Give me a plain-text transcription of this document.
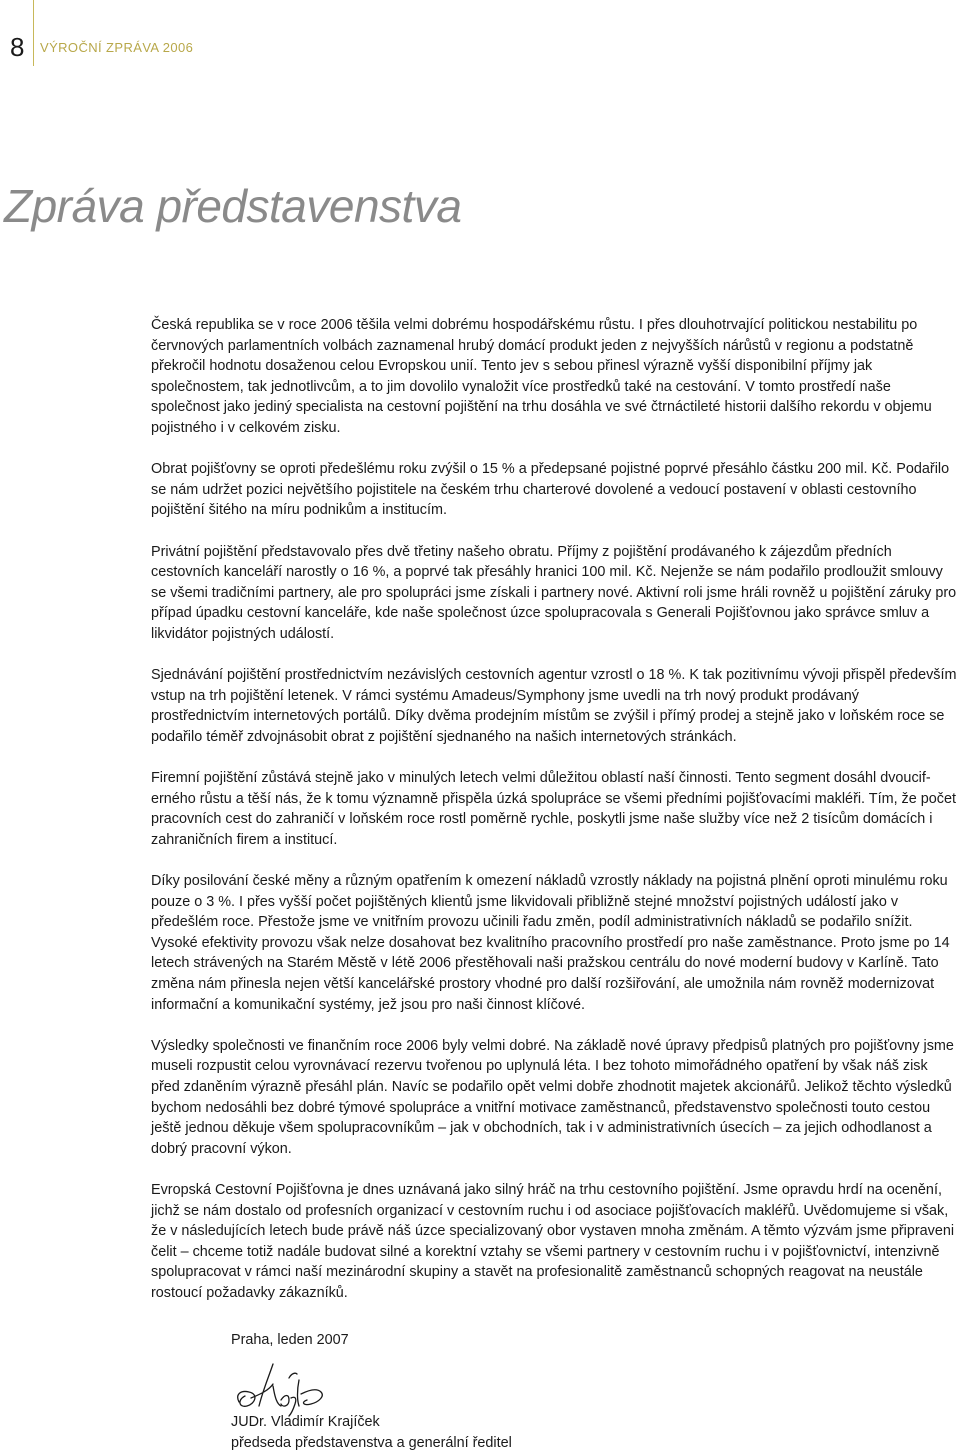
8 VÝROČNÍ ZPRÁVA 2006
Zpráva představenstva

Česká republika se v roce 2006 těšila velmi dobrému hospodářskému růstu. I přes dlouhotrvající politickou nestabilitu po červnových parlamentních volbách zaznamenal hrubý domácí produkt jeden z nejvyšších nárůstů v regionu a podstatně překročil hodnotu dosaženou celou Evropskou unií. Tento jev s sebou přinesl výrazně vyšší disponibilní příjmy jak společnostem, tak jednotlivcům, a to jim dovolilo vynaložit více prostředků také na cestování. V tomto prostředí naše společnost jako jediný specialista na cestovní pojištění na trhu dosáhla ve své čtrnáctileté historii dalšího rekordu v objemu pojistného i v celkovém zisku.

Obrat pojišťovny se oproti předešlému roku zvýšil o 15 % a předepsané pojistné poprvé přesáhlo částku 200 mil. Kč. Podařilo se nám udržet pozici největšího pojistitele na českém trhu charterové dovolené a vedoucí postavení v oblasti cestovního pojištění šitého na míru podnikům a institucím.

Privátní pojištění představovalo přes dvě třetiny našeho obratu. Příjmy z pojištění prodávaného k zájezdům předních cestovních kanceláří narostly o 16 %, a poprvé tak přesáhly hranici 100 mil. Kč. Nejenže se nám podařilo prodloužit smlouvy se všemi tradičními partnery, ale pro spolupráci jsme získali i partnery nové. Aktivní roli jsme hráli rovněž u pojištění záruky pro případ úpadku cestovní kanceláře, kde naše společnost úzce spolupracovala s Generali Pojišťovnou jako správce smluv a likvidátor pojistných událostí.

Sjednávání pojištění prostřednictvím nezávislých cestovních agentur vzrostl o 18 %. K tak pozitivnímu vývoji přispěl především vstup na trh pojištění letenek. V rámci systému Amadeus/Symphony jsme uvedli na trh nový produkt prodávaný prostřednictvím internetových portálů. Díky dvěma prodejním místům se zvýšil i přímý prodej a stejně jako v loňském roce se podařilo téměř zdvojnásobit obrat z pojištění sjednaného na našich internetových stránkách.

Firemní pojištění zůstává stejně jako v minulých letech velmi důležitou oblastí naší činnosti. Tento segment dosáhl dvouciferného růstu a těší nás, že k tomu významně přispěla úzká spolupráce se všemi předními pojišťovacími makléři. Tím, že počet pracovních cest do zahraničí v loňském roce rostl poměrně rychle, poskytli jsme naše služby více než 2 tisícům domácích i zahraničních firem a institucí.

Díky posilování české měny a různým opatřením k omezení nákladů vzrostly náklady na pojistná plnění oproti minulému roku pouze o 3 %. I přes vyšší počet pojištěných klientů jsme likvidovali přibližně stejné množství pojistných událostí jako v předešlém roce. Přestože jsme ve vnitřním provozu učinili řadu změn, podíl administrativních nákladů se podařilo snížit. Vysoké efektivity provozu však nelze dosahovat bez kvalitního pracovního prostředí pro naše zaměstnance. Proto jsme po 14 letech strávených na Starém Městě v létě 2006 přestěhovali naši pražskou centrálu do nové moderní budovy v Karlíně. Tato změna nám přinesla nejen větší kancelářské prostory vhodné pro další rozšiřování, ale umožnila nám rovněž modernizovat informační a komunikační systémy, jež jsou pro naši činnost klíčové.

Výsledky společnosti ve finančním roce 2006 byly velmi dobré. Na základě nové úpravy předpisů platných pro pojišťovny jsme museli rozpustit celou vyrovnávací rezervu tvořenou po uplynulá léta. I bez tohoto mimořádného opatření by však náš zisk před zdaněním výrazně přesáhl plán. Navíc se podařilo opět velmi dobře zhodnotit majetek akcionářů. Jelikož těchto výsledků bychom nedosáhli bez dobré týmové spolupráce a vnitřní motivace zaměstnanců, představenstvo společnosti touto cestou ještě jednou děkuje všem spolupracovníkům – jak v obchodních, tak i v administrativních úsecích – za jejich odhodlanost a dobrý pracovní výkon.

Evropská Cestovní Pojišťovna je dnes uznávaná jako silný hráč na trhu cestovního pojištění. Jsme opravdu hrdí na ocenění, jichž se nám dostalo od profesních organizací v cestovním ruchu i od asociace pojišťovacích makléřů. Uvědomujeme si však, že v následujících letech bude právě náš úzce specializovaný obor vystaven mnoha změnám. A těmto výzvám jsme připraveni čelit – chceme totiž nadále budovat silné a korektní vztahy se všemi partnery v cestovním ruchu i v pojišťovnictví, intenzivně spolupracovat v rámci naší mezinárodní skupiny a stavět na profesionalitě zaměstnanců schopných reagovat na neustále rostoucí požadavky zákazníků.

Praha, leden 2007
JUDr. Vladimír Krajíček
předseda představenstva a generální ředitel
